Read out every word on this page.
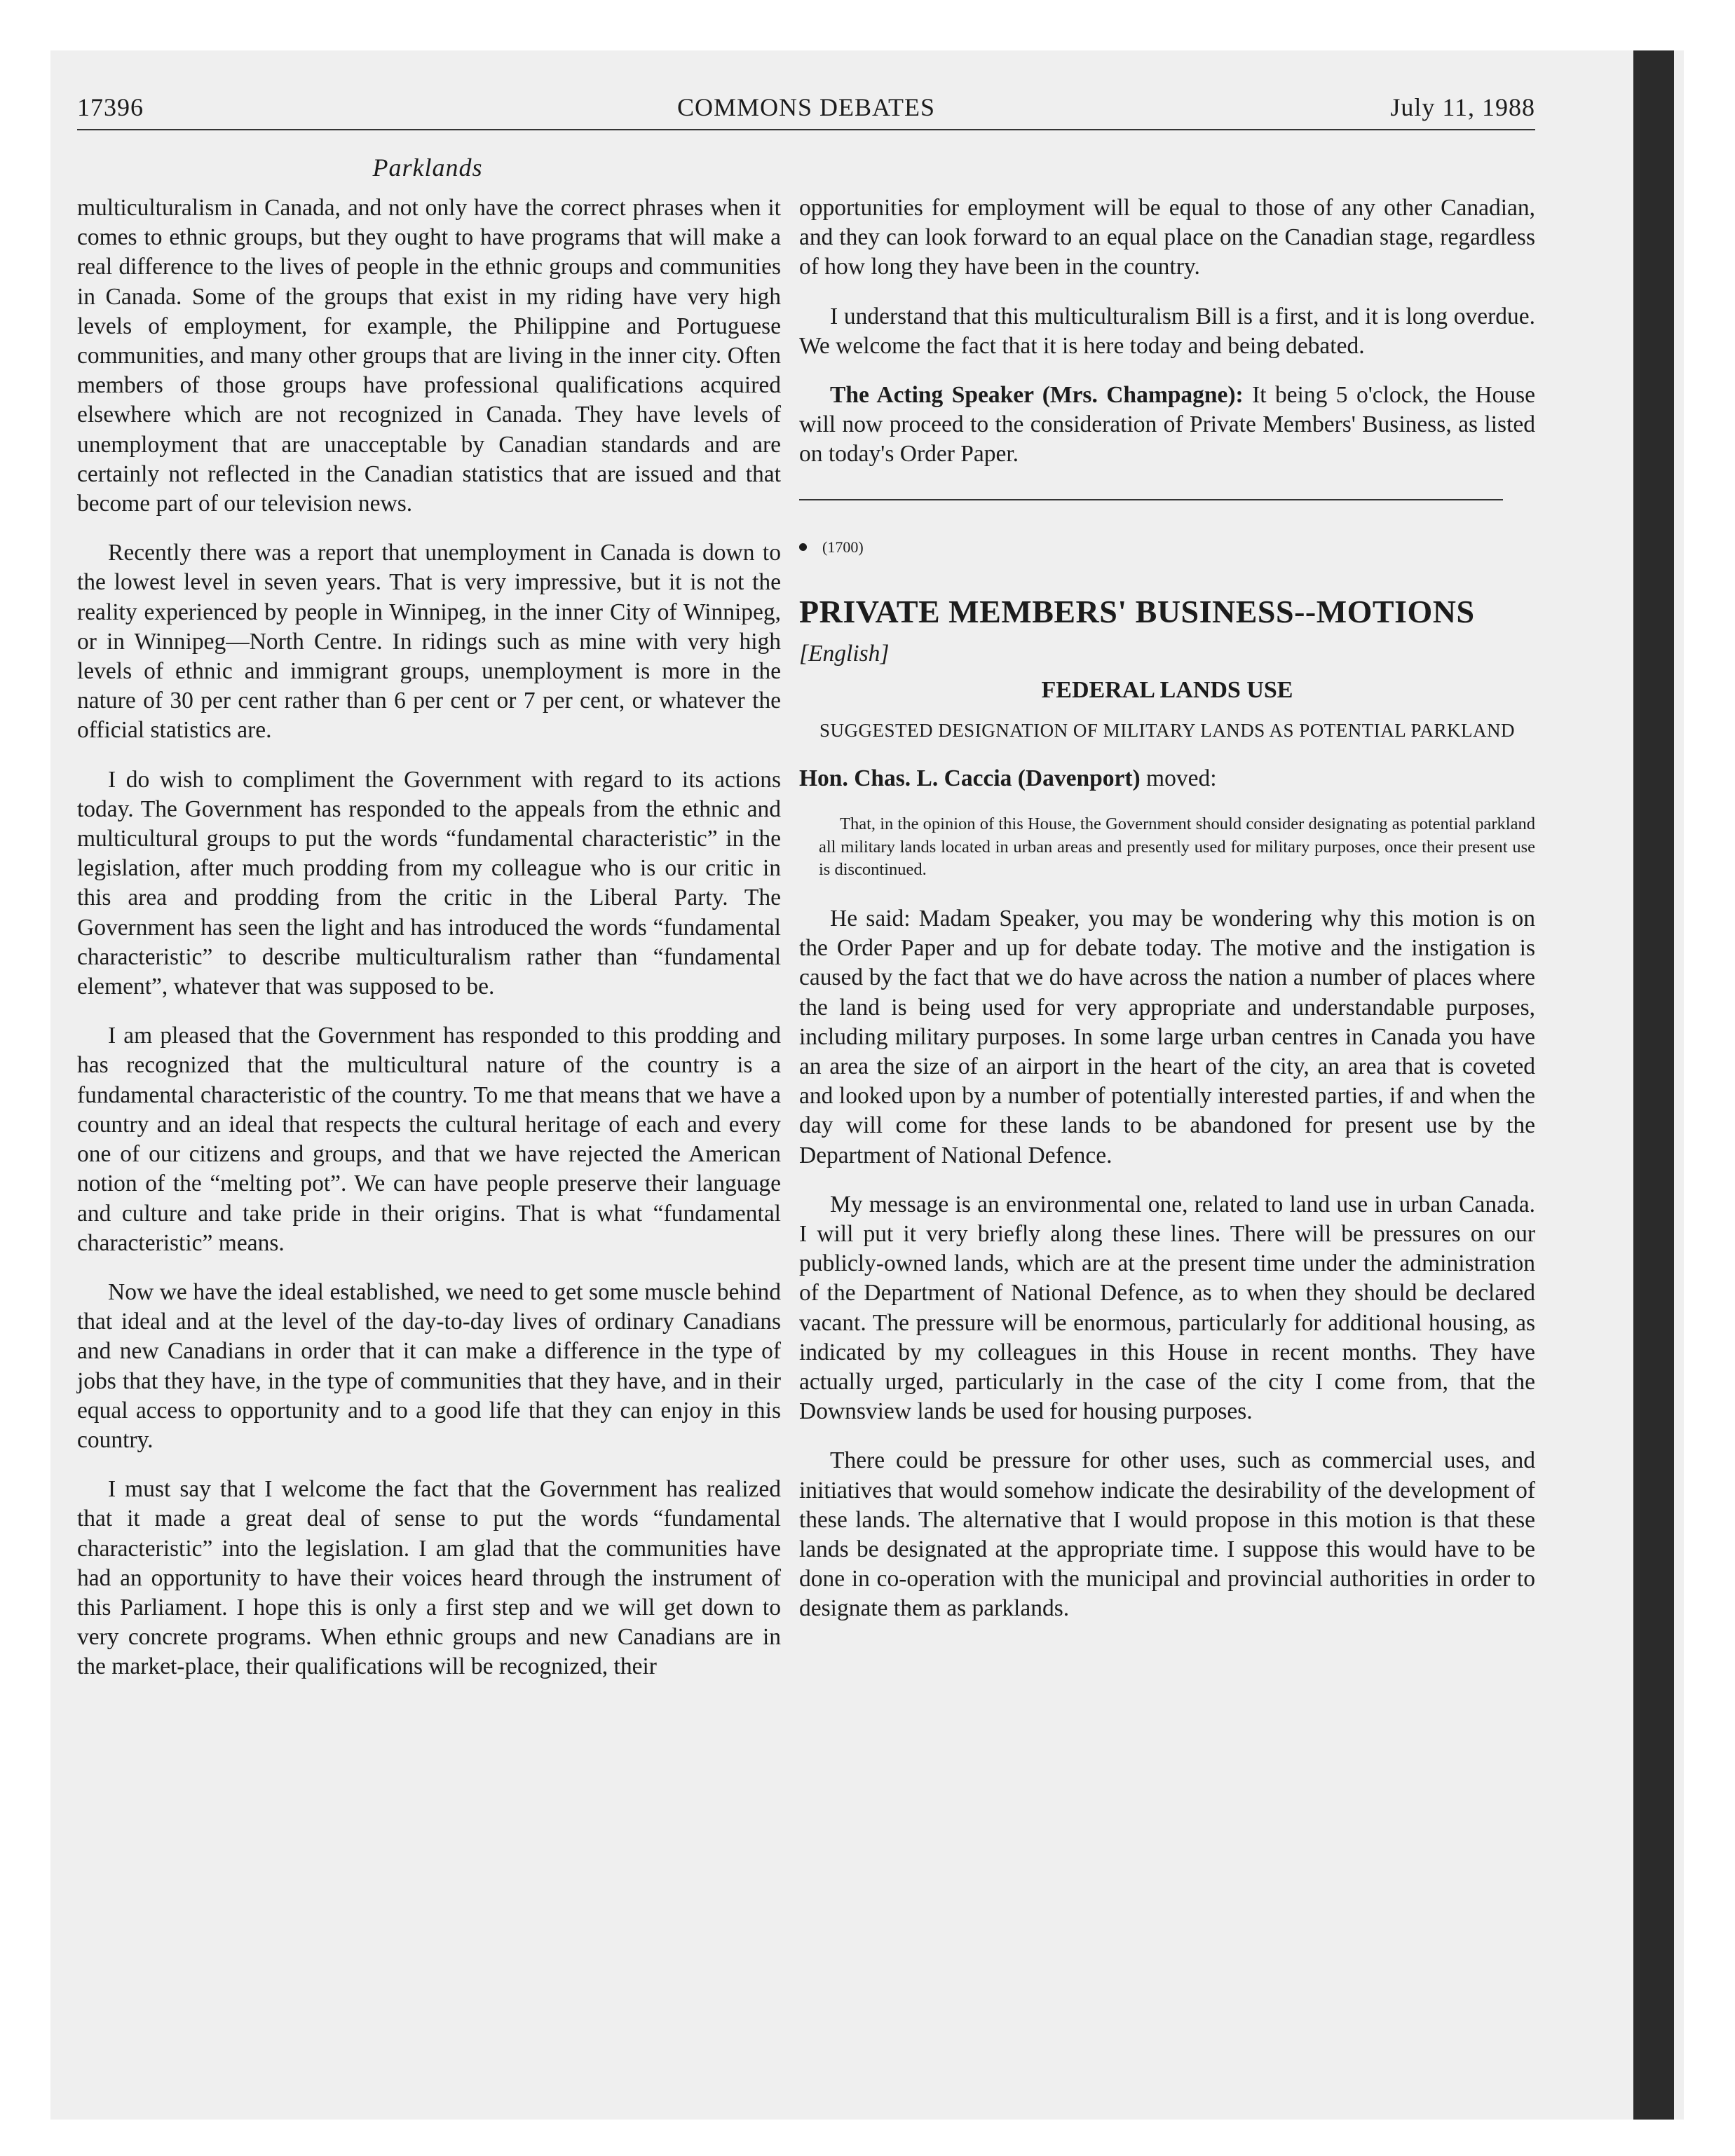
17396	COMMONS DEBATES	July 11, 1988
Parklands

multiculturalism in Canada, and not only have the correct phrases when it comes to ethnic groups, but they ought to have programs that will make a real difference to the lives of people in the ethnic groups and communities in Canada. Some of the groups that exist in my riding have very high levels of employment, for example, the Philippine and Portuguese communities, and many other groups that are living in the inner city. Often members of those groups have professional qualifications acquired elsewhere which are not recognized in Canada. They have levels of unemployment that are unacceptable by Canadian standards and are certainly not reflected in the Canadian statistics that are issued and that become part of our television news.

Recently there was a report that unemployment in Canada is down to the lowest level in seven years. That is very impressive, but it is not the reality experienced by people in Winnipeg, in the inner City of Winnipeg, or in Winnipeg—North Centre. In ridings such as mine with very high levels of ethnic and immigrant groups, unemployment is more in the nature of 30 per cent rather than 6 per cent or 7 per cent, or whatever the official statistics are.

I do wish to compliment the Government with regard to its actions today. The Government has responded to the appeals from the ethnic and multicultural groups to put the words “fundamental characteristic” in the legislation, after much prodding from my colleague who is our critic in this area and prodding from the critic in the Liberal Party. The Government has seen the light and has introduced the words “fundamental characteristic” to describe multiculturalism rather than “fundamental element”, whatever that was supposed to be.

I am pleased that the Government has responded to this prodding and has recognized that the multicultural nature of the country is a fundamental characteristic of the country. To me that means that we have a country and an ideal that respects the cultural heritage of each and every one of our citizens and groups, and that we have rejected the American notion of the “melting pot”. We can have people preserve their language and culture and take pride in their origins. That is what “fundamental characteristic” means.

Now we have the ideal established, we need to get some muscle behind that ideal and at the level of the day-to-day lives of ordinary Canadians and new Canadians in order that it can make a difference in the type of jobs that they have, in the type of communities that they have, and in their equal access to opportunity and to a good life that they can enjoy in this country.

I must say that I welcome the fact that the Government has realized that it made a great deal of sense to put the words “fundamental characteristic” into the legislation. I am glad that the communities have had an opportunity to have their voices heard through the instrument of this Parliament. I hope this is only a first step and we will get down to very concrete programs. When ethnic groups and new Canadians are in the market-place, their qualifications will be recognized, their

opportunities for employment will be equal to those of any other Canadian, and they can look forward to an equal place on the Canadian stage, regardless of how long they have been in the country.

I understand that this multiculturalism Bill is a first, and it is long overdue. We welcome the fact that it is here today and being debated.

The Acting Speaker (Mrs. Champagne): It being 5 o'clock, the House will now proceed to the consideration of Private Members' Business, as listed on today's Order Paper.

(1700)
PRIVATE MEMBERS' BUSINESS--MOTIONS
[English]
FEDERAL LANDS USE
SUGGESTED DESIGNATION OF MILITARY LANDS AS POTENTIAL PARKLAND

Hon. Chas. L. Caccia (Davenport) moved:

That, in the opinion of this House, the Government should consider designating as potential parkland all military lands located in urban areas and presently used for military purposes, once their present use is discontinued.

He said: Madam Speaker, you may be wondering why this motion is on the Order Paper and up for debate today. The motive and the instigation is caused by the fact that we do have across the nation a number of places where the land is being used for very appropriate and understandable purposes, including military purposes. In some large urban centres in Canada you have an area the size of an airport in the heart of the city, an area that is coveted and looked upon by a number of potentially interested parties, if and when the day will come for these lands to be abandoned for present use by the Department of National Defence.

My message is an environmental one, related to land use in urban Canada. I will put it very briefly along these lines. There will be pressures on our publicly-owned lands, which are at the present time under the administration of the Department of National Defence, as to when they should be declared vacant. The pressure will be enormous, particularly for additional housing, as indicated by my colleagues in this House in recent months. They have actually urged, particularly in the case of the city I come from, that the Downsview lands be used for housing purposes.

There could be pressure for other uses, such as commercial uses, and initiatives that would somehow indicate the desirability of the development of these lands. The alternative that I would propose in this motion is that these lands be designated at the appropriate time. I suppose this would have to be done in co-operation with the municipal and provincial authorities in order to designate them as parklands.
